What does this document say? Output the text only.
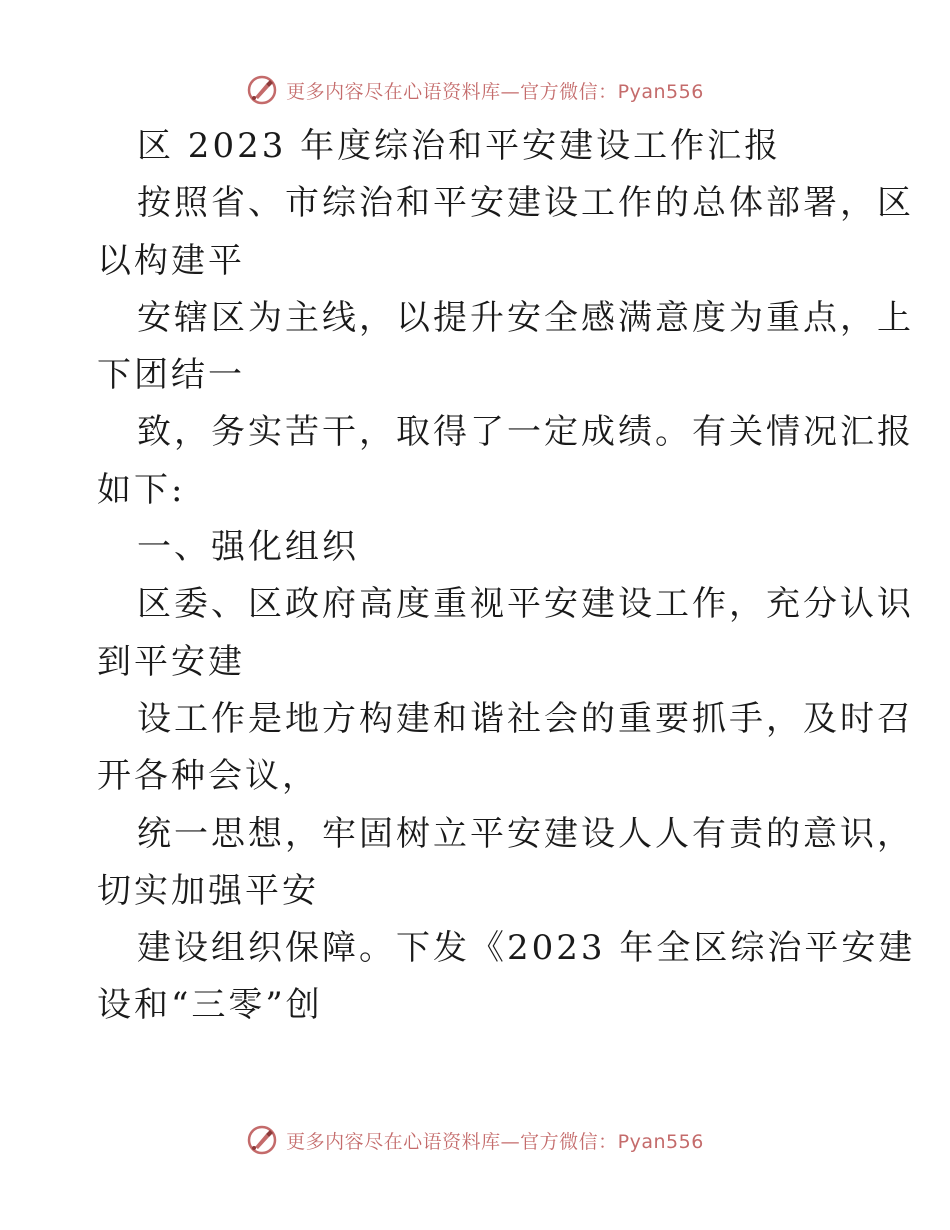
更多内容尽在心语资料库—官方微信：Pyan556
区 2023 年度综治和平安建设工作汇报
按照省、市综治和平安建设工作的总体部署，区
以构建平
安辖区为主线，以提升安全感满意度为重点，上
下团结一
致，务实苦干，取得了一定成绩。有关情况汇报
如下:
一、强化组织
区委、区政府高度重视平安建设工作，充分认识
到平安建
设工作是地方构建和谐社会的重要抓手，及时召
开各种会议，
统一思想，牢固树立平安建设人人有责的意识，
切实加强平安
建设组织保障。下发《2023 年全区综治平安建
设和“三零”创
更多内容尽在心语资料库—官方微信：Pyan556
